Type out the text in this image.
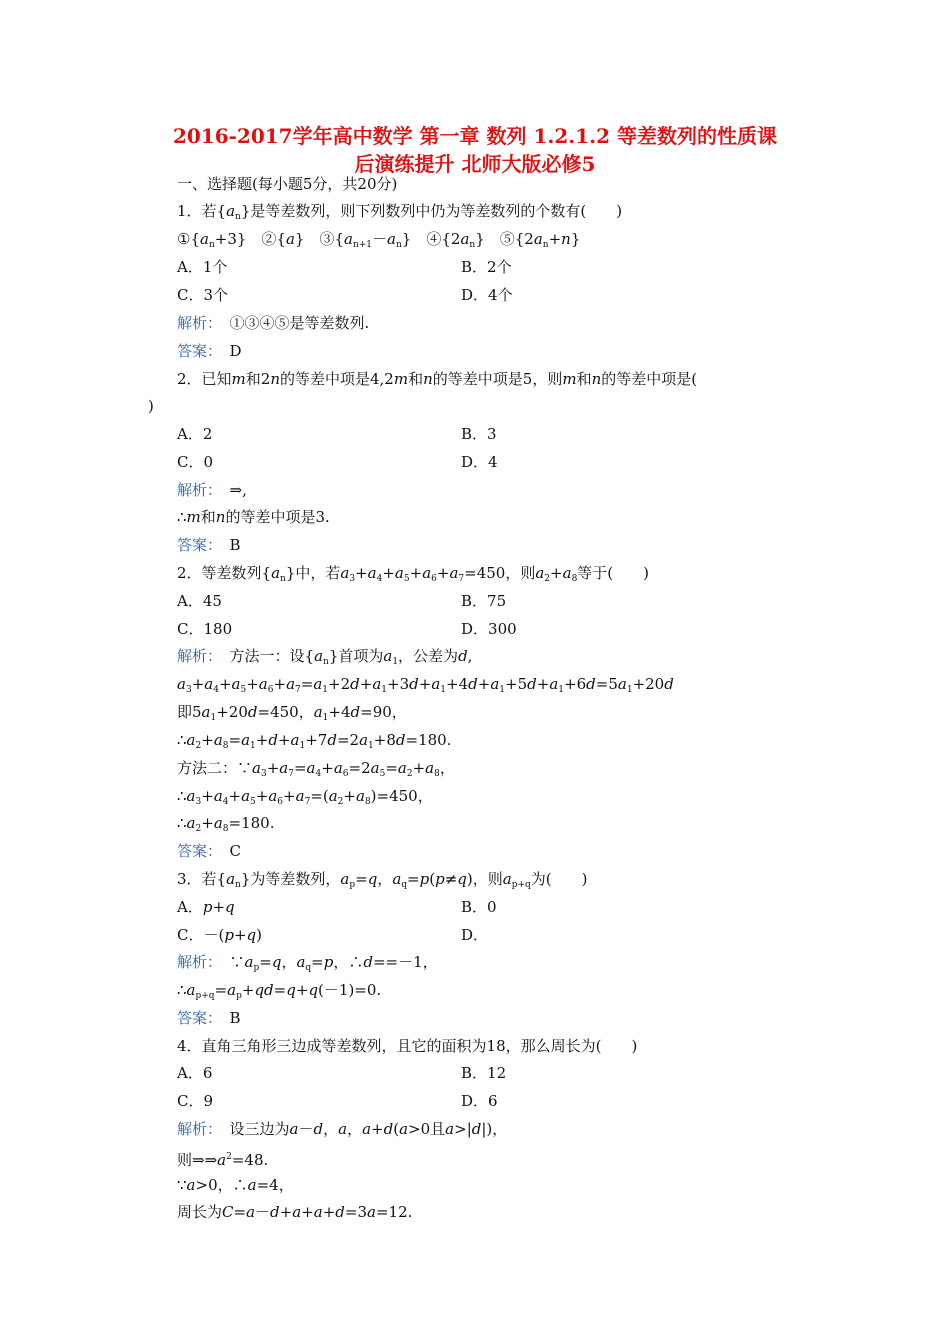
2016-2017学年高中数学 第一章 数列 1.2.1.2 等差数列的性质课
后演练提升 北师大版必修5
一、选择题(每小题5分，共20分)
1．若$\{a_n\}$是等差数列，则下列数列中仍为等差数列的个数有(　　)
$①\{a_n+3\}$　②{a}　$③\{a_{n+1}-a_n\}$　$④\{2a_n\}$　$⑤\{2a_n+n\}$
A．1个	B．2个
C．3个	D．4个
解析：　 ①③④⑤是等差数列.
答案：　 D
2．已知m和2n的等差中项是4,2m和n的等差中项是5，则m和n的等差中项是(
)
A．2	B．3
C．0	D．4
解析：　 ⇒,
∴m和n的等差中项是3.
答案：　 B
2．等差数列$\{a_n\}$中，若$a_3+a_4+a_5+a_6+a_7=450$，则$a_2+a_8$等于(　　)
A．45	B．75
C．180	D．300
解析：　方法一：设$\{a_n\}$首项为$a_1$，公差为d,
$a_3+a_4+a_5+a_6+a_7=a_1+2d+a_1+3d+a_1+4d+a_1+5d+a_1+6d=5a_1+20d$
即$5a_1+20d=450$，$a_1+4d=90$，
$\therefore a_2+a_8=a_1+d+a_1+7d=2a_1+8d=180$.
方法二：$\because a_3+a_7=a_4+a_6=2a_5=a_2+a_8$，
$\therefore a_3+a_4+a_5+a_6+a_7=(a_2+a_8)=450$，
$\therefore a_2+a_8=180$.
答案：　 C
3．若$\{a_n\}$为等差数列，$a_p=q$，$a_q=p(p\ne q)$，则$a_{p+q}$为(　　)
A．p+q	B．0
C．－(p+q)	D．
解析：　$\because a_p=q$，$a_q=p$，∴d==－1，
$\therefore a_{p+q}=a_p+qd=q+q(-1)=0$.
答案：　 B
4．直角三角形三边成等差数列，且它的面积为18，那么周长为(　　)
A．6	B．12
C．9	D．6
解析：　设三边为a－d，a，a+d(a>0且a>|d|)，
则$\Rightarrow\Rightarrow a^2=48$.
∵a>0，∴a=4，
周长为C=a－d+a+a+d=3a=12.
